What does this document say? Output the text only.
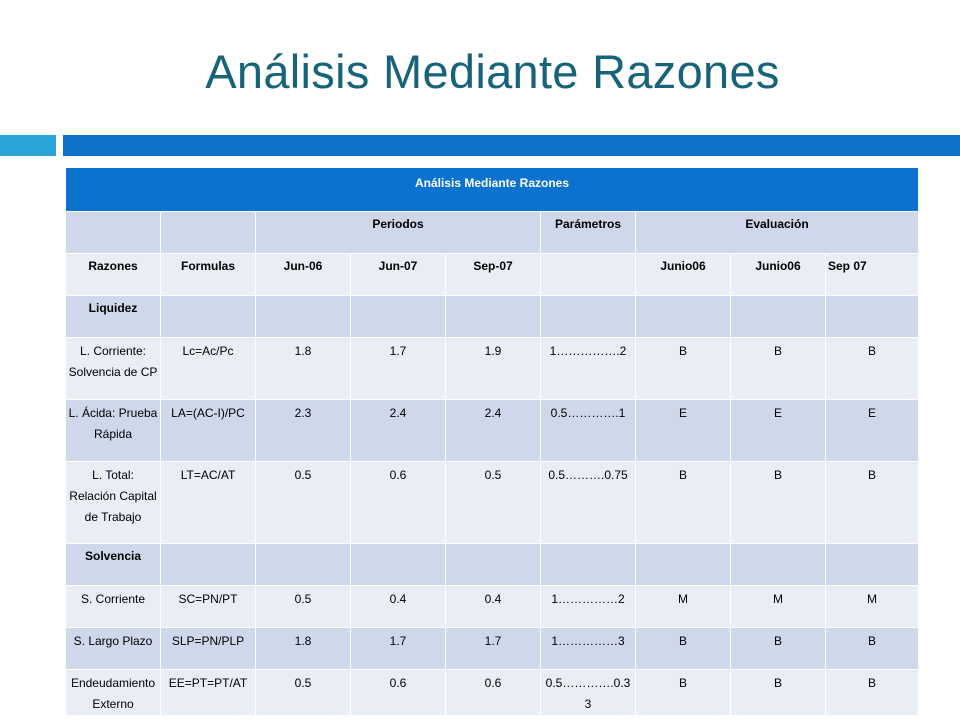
Análisis Mediante Razones
Análisis Mediante Razones								
		Periodos			Parámetros	Evaluación		
Razones	Formulas	Jun-06	Jun-07	Sep-07		Junio06	Junio06	Sep 07
Liquidez								
L. Corriente: Solvencia de CP	Lc=Ac/Pc	1.8	1.7	1.9	1…………….2	B	B	B
L. Ácida: Prueba Rápida	LA=(AC-I)/PC	2.3	2.4	2.4	0.5………….1	E	E	E
L. Total: Relación Capital de Trabajo	LT=AC/AT	0.5	0.6	0.5	0.5……….0.75	B	B	B
Solvencia								
S. Corriente	SC=PN/PT	0.5	0.4	0.4	1……………2	M	M	M
S. Largo Plazo	SLP=PN/PLP	1.8	1.7	1.7	1……………3	B	B	B
Endeudamiento Externo	EE=PT=PT/AT	0.5	0.6	0.6	0.5………….0.33	B	B	B
